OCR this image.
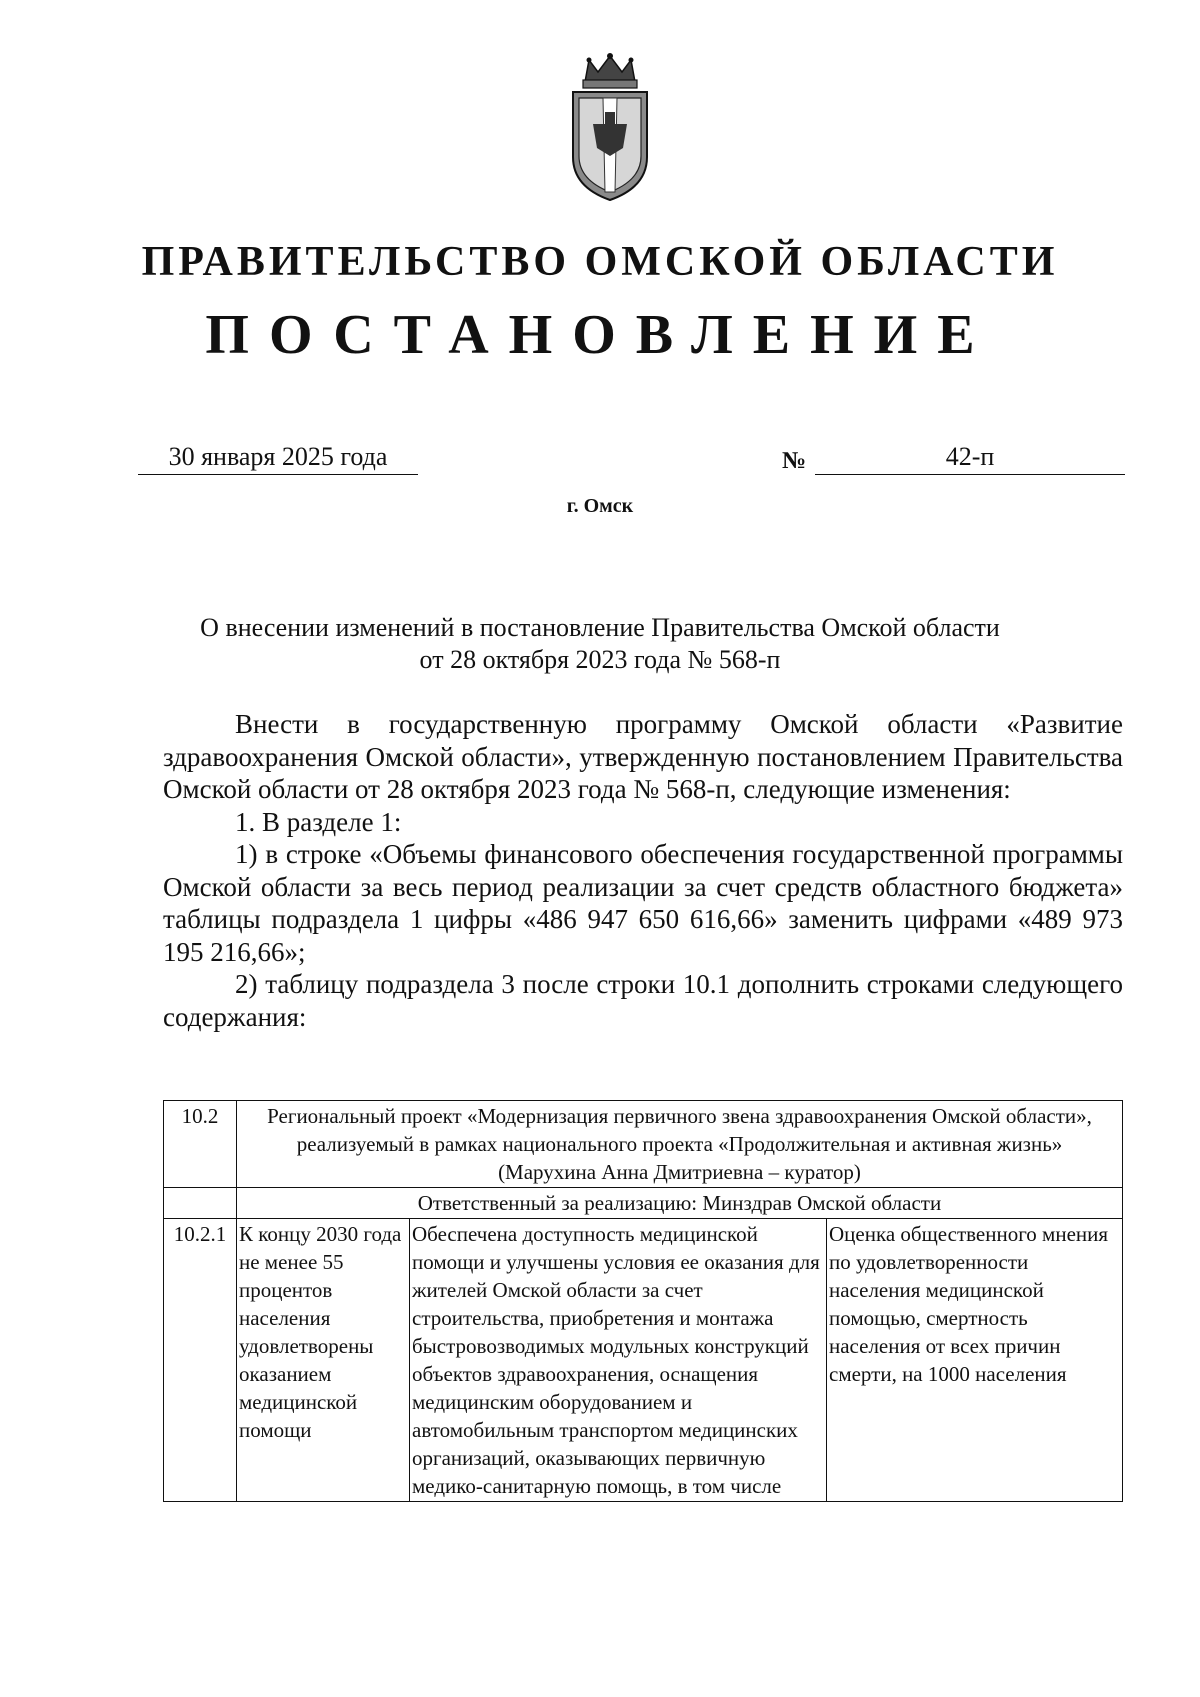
ПРАВИТЕЛЬСТВО ОМСКОЙ ОБЛАСТИ
ПОСТАНОВЛЕНИЕ
30 января 2025 года	№	42-п
г. Омск
О внесении изменений в постановление Правительства Омской области
от 28 октября 2023 года № 568-п

Внести в государственную программу Омской области «Развитие здравоохранения Омской области», утвержденную постановлением Правительства Омской области от 28 октября 2023 года № 568-п, следующие изменения:

1. В разделе 1:

1) в строке «Объемы финансового обеспечения государственной программы Омской области за весь период реализации за счет средств областного бюджета» таблицы подраздела 1 цифры «486 947 650 616,66» заменить цифрами «489 973 195 216,66»;

2) таблицу подраздела 3 после строки 10.1 дополнить строками следующего содержания:

10.2	Региональный проект «Модернизация первичного звена здравоохранения Омской области», реализуемый в рамках национального проекта «Продолжительная и активная жизнь»
(Марухина Анна Дмитриевна – куратор)		

	Ответственный за реализацию: Минздрав Омской области		
10.2.1	К концу 2030 года не менее 55 процентов населения удовлетворены оказанием медицинской помощи	Обеспечена доступность медицинской помощи и улучшены условия ее оказания для жителей Омской области за счет строительства, приобретения и монтажа быстровозводимых модульных конструкций объектов здравоохранения, оснащения медицинским оборудованием и автомобильным транспортом медицинских организаций, оказывающих первичную медико-санитарную помощь, в том числе	Оценка общественного мнения по удовлетворенности населения медицинской помощью, смертность населения от всех причин смерти, на 1000 населения
